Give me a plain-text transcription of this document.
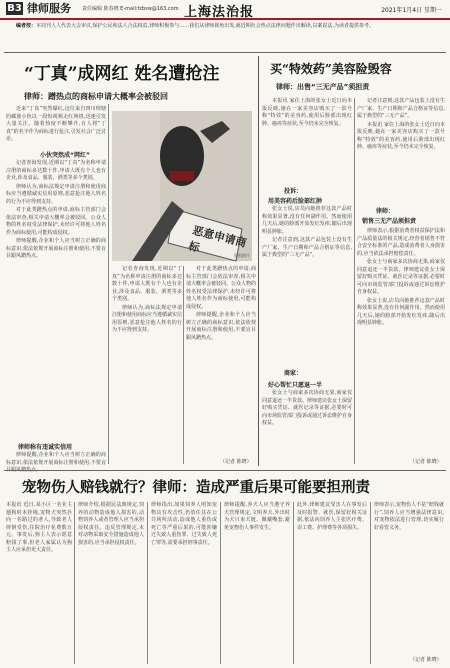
B3 律师服务 责任编辑 陈春晓 E-mail:fzbsw@163.com 上海法治报	2021年1月4日 星期一
编者按：本周刊人人代表大会审议,保护公民和法人合法权益,律师积极参与……我们从律师视角出发,就近期社会热点法律问题作出解读,以案说法,为读者提供参考。
“丁真”成网红 姓名遭抢注
律师：蹭热点的商标申请大概率会被驳回
小伙突然成“网红”

近来“丁真”突然爆红,这位来自四川理塘的藏族小伙以一段短视频走红网络,迅速引发大量关注。随着热度不断攀升,有人将“丁真”的名字作为商标进行抢注,引发社会广泛讨论。

记者查询发现,近期以“丁真”为名称申请注册的商标多达数十件,申请人既有个人也有企业,涉及食品、服装、酒类等多个类别。

律师认为,商标法规定申请注册和使用商标应当遵循诚实信用原则,恶意抢注他人姓名的行为不应得到支持。

对于此类蹭热点的申请,商标主管部门会依法审查,相关申请大概率会被驳回。公众人物的姓名权受法律保护,未经许可将他人姓名作为商标使用,可能构成侵权。

律师提醒,企业和个人应当树立正确的商标意识,依法依规开展商标注册和使用,不要盲目跟风蹭热点。

律师称有违诚实信用

律师提醒,企业和个人应当树立正确的商标意识,依法依规开展商标注册和使用,不要盲

恶意申请商标
资料图片

记者查询发现,近期以“丁真”为名称申请注册的商标多达数十件,申请人既有个人也有企业,涉及食品、服装、酒类等多个类别。

律师认为,商标法规定申请注册和使用商标应当遵循诚实信用原则,恶意抢注他人姓名的行为不应得到支持。

对于此类蹭热点的申请,商标主管部门会依法审查,相关申请大概率会被驳回。公众人物的姓名权受法律保护,未经许可将他人姓名作为商标使用,可能构成侵权。

律师提醒,企业和个人应当树立正确的商标意识,依法依规开展商标注册和使用,不要盲目跟风蹭热点。

（记者 陈晓）
买“特效药”美容险毁容
律师：出售“三无产品”须担责

本报讯 家住上海的张女士近日向本报反映,她在一家美容店购买了一款号称“特效”的美容药,使用后脸部出现红肿、瘙痒等症状,至今仍未完全恢复。

投诉：
用美容药后脸部红肿

张女士说,店员向她推荐这款产品时称效果显著,没有任何副作用。然而使用几天后,她的脸部开始发红发痒,随后出现明显肿胀。

记者注意到,这款产品包装上没有生产厂家、生产日期和产品合格证等信息,属于典型的“三无产品”。

商家：
好心帮忙只愿退一半

张女士与商家多次协商无果,商家仅同意退还一半货款。律师建议张女士保留好购买凭证、就医记录等证据,必要时可向市场监管部门投诉或通过诉讼维护自身权益。

记者注意到,这款产品包装上没有生产厂家、生产日期和产品合格证等信息,属于典型的“三无产品”。

本报讯 家住上海的张女士近日向本报反映,她在一家美容店购买了一款号称“特效”的美容药,使用后脸部出现红肿、瘙痒等症状,至今仍未完全恢复。

律师：
销售三无产品须担责

律师表示,根据消费者权益保护法和产品质量法的相关规定,经营者销售不符合安全标准的产品,造成消费者人身损害的,应当依法承担赔偿责任。

张女士与商家多次协商无果,商家仅同意退还一半货款。律师建议张女士保留好购买凭证、就医记录等证据,必要时可向市场监管部门投诉或通过诉讼维护自身权益。

张女士说,店员向她推荐这款产品时称效果显著,没有任何副作用。然而使用几天后,她的脸部开始发红发痒,随后出现明显肿胀。

（记者 陈晓）
宠物伤人赔钱就行？律师：造成严重后果可能要担刑责
本报讯 近日,某小区一名业主遛狗时未拴绳,宠物犬突然扑向一名路过的老人,导致老人摔倒受伤,住院治疗花费数万元。事发后,狗主人表示愿意赔钱了事,但老人家属认为狗主人应承担更大责任。
律师介绍,根据民法典规定,饲养的动物造成他人损害的,动物饲养人或者管理人应当承担侵权责任。违反管理规定,未对动物采取安全措施造成他人损害的,应当承担侵权责任。
律师指出,如果饲养人明知宠物具有攻击性,仍放任其在公共场所活动,造成他人重伤或死亡等严重后果的,可能涉嫌过失致人重伤罪、过失致人死亡罪等,需要承担刑事责任。
律师提醒,养犬人应当遵守养犬管理规定,文明养犬,外出时为犬只束犬链、佩戴嘴套,避免宠物伤人事件发生。
此外,律师建议受害人在事发后及时报警、就医,保留好相关证据,依法向饲养人主张医疗费、误工费、护理费等各项损失。
律师表示,宠物伤人不是“赔钱就行”,饲养人应当增强法律意识,对宠物依法进行管理,切实履行好看管义务。
（记者 陈晓）
